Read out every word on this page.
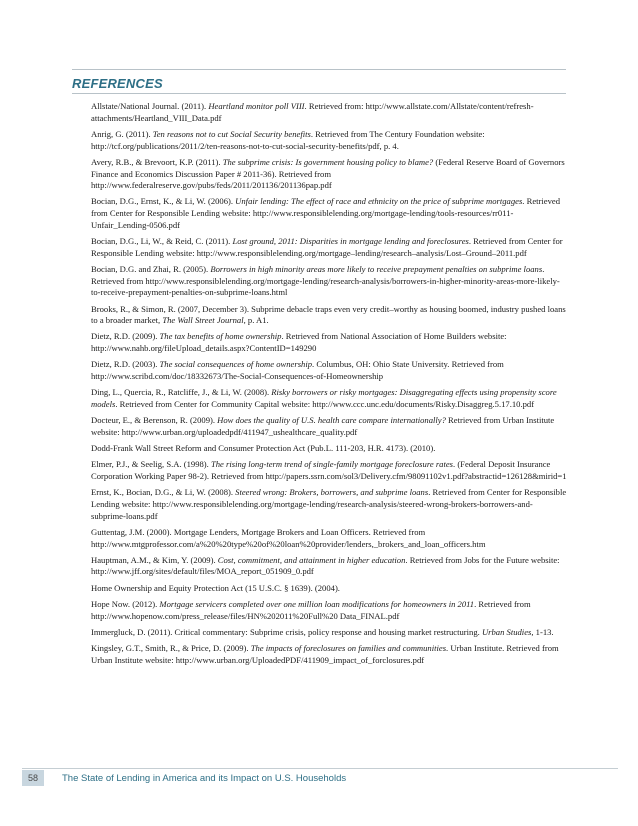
REFERENCES

Allstate/National Journal. (2011). Heartland monitor poll VIII. Retrieved from: http://www.allstate.com/Allstate/content/refresh-attachments/Heartland_VIII_Data.pdf

Anrig, G. (2011). Ten reasons not to cut Social Security benefits. Retrieved from The Century Foundation website: http://tcf.org/publications/2011/2/ten-reasons-not-to-cut-social-security-benefits/pdf, p. 4.

Avery, R.B., & Brevoort, K.P. (2011). The subprime crisis: Is government housing policy to blame? (Federal Reserve Board of Governors Finance and Economics Discussion Paper # 2011-36). Retrieved from http://www.federalreserve.gov/pubs/feds/2011/201136/201136pap.pdf

Bocian, D.G., Ernst, K., & Li, W. (2006). Unfair lending: The effect of race and ethnicity on the price of subprime mortgages. Retrieved from Center for Responsible Lending website: http://www.responsiblelending.org/mortgage-lending/tools-resources/rr011-Unfair_Lending-0506.pdf

Bocian, D.G., Li, W., & Reid, C. (2011). Lost ground, 2011: Disparities in mortgage lending and foreclosures. Retrieved from Center for Responsible Lending website: http://www.responsiblelending.org/mortgage–lending/research–analysis/Lost–Ground–2011.pdf

Bocian, D.G. and Zhai, R. (2005). Borrowers in high minority areas more likely to receive prepayment penalties on subprime loans. Retrieved from http://www.responsiblelending.org/mortgage-lending/research-analysis/borrowers-in-higher-minority-areas-more-likely-to-receive-prepayment-penalties-on-subprime-loans.html

Brooks, R., & Simon, R. (2007, December 3). Subprime debacle traps even very credit–worthy as housing boomed, industry pushed loans to a broader market, The Wall Street Journal, p. A1.

Dietz, R.D. (2009). The tax benefits of home ownership. Retrieved from National Association of Home Builders website: http://www.nahb.org/fileUpload_details.aspx?ContentID=149290

Dietz, R.D. (2003). The social consequences of home ownership. Columbus, OH: Ohio State University. Retrieved from http://www.scribd.com/doc/18332673/The-Social-Consequences-of-Homeownership

Ding, L., Quercia, R., Ratcliffe, J., & Li, W. (2008). Risky borrowers or risky mortgages: Disaggregating effects using propensity score models. Retrieved from Center for Community Capital website: http://www.ccc.unc.edu/documents/Risky.Disaggreg.5.17.10.pdf

Docteur, E., & Berenson, R. (2009). How does the quality of U.S. health care compare internationally? Retrieved from Urban Institute website: http://www.urban.org/uploadedpdf/411947_ushealthcare_quality.pdf

Dodd-Frank Wall Street Reform and Consumer Protection Act (Pub.L. 111-203, H.R. 4173). (2010).

Elmer, P.J., & Seelig, S.A. (1998). The rising long-term trend of single-family mortgage foreclosure rates. (Federal Deposit Insurance Corporation Working Paper 98-2). Retrieved from http://papers.ssrn.com/sol3/Delivery.cfm/98091102v1.pdf?abstractid=126128&mirid=1

Ernst, K., Bocian, D.G., & Li, W. (2008). Steered wrong: Brokers, borrowers, and subprime loans. Retrieved from Center for Responsible Lending website: http://www.responsiblelending.org/mortgage-lending/research-analysis/steered-wrong-brokers-borrowers-and-subprime-loans.pdf

Guttentag, J.M. (2000). Mortgage Lenders, Mortgage Brokers and Loan Officers. Retrieved from http://www.mtgprofessor.com/a%20%20type%20of%20loan%20provider/lenders,_brokers_and_loan_officers.htm

Hauptman, A.M., & Kim, Y. (2009). Cost, commitment, and attainment in higher education. Retrieved from Jobs for the Future website: http://www.jff.org/sites/default/files/MOA_report_051909_0.pdf

Home Ownership and Equity Protection Act (15 U.S.C. § 1639). (2004).

Hope Now. (2012). Mortgage servicers completed over one million loan modifications for homeowners in 2011. Retrieved from http://www.hopenow.com/press_release/files/HN%202011%20Full%20 Data_FINAL.pdf

Immergluck, D. (2011). Critical commentary: Subprime crisis, policy response and housing market restructuring. Urban Studies, 1-13.

Kingsley, G.T., Smith, R., & Price, D. (2009). The impacts of foreclosures on families and communities. Urban Institute. Retrieved from Urban Institute website: http://www.urban.org/UploadedPDF/411909_impact_of_forclosures.pdf

58	The State of Lending in America and its Impact on U.S. Households
